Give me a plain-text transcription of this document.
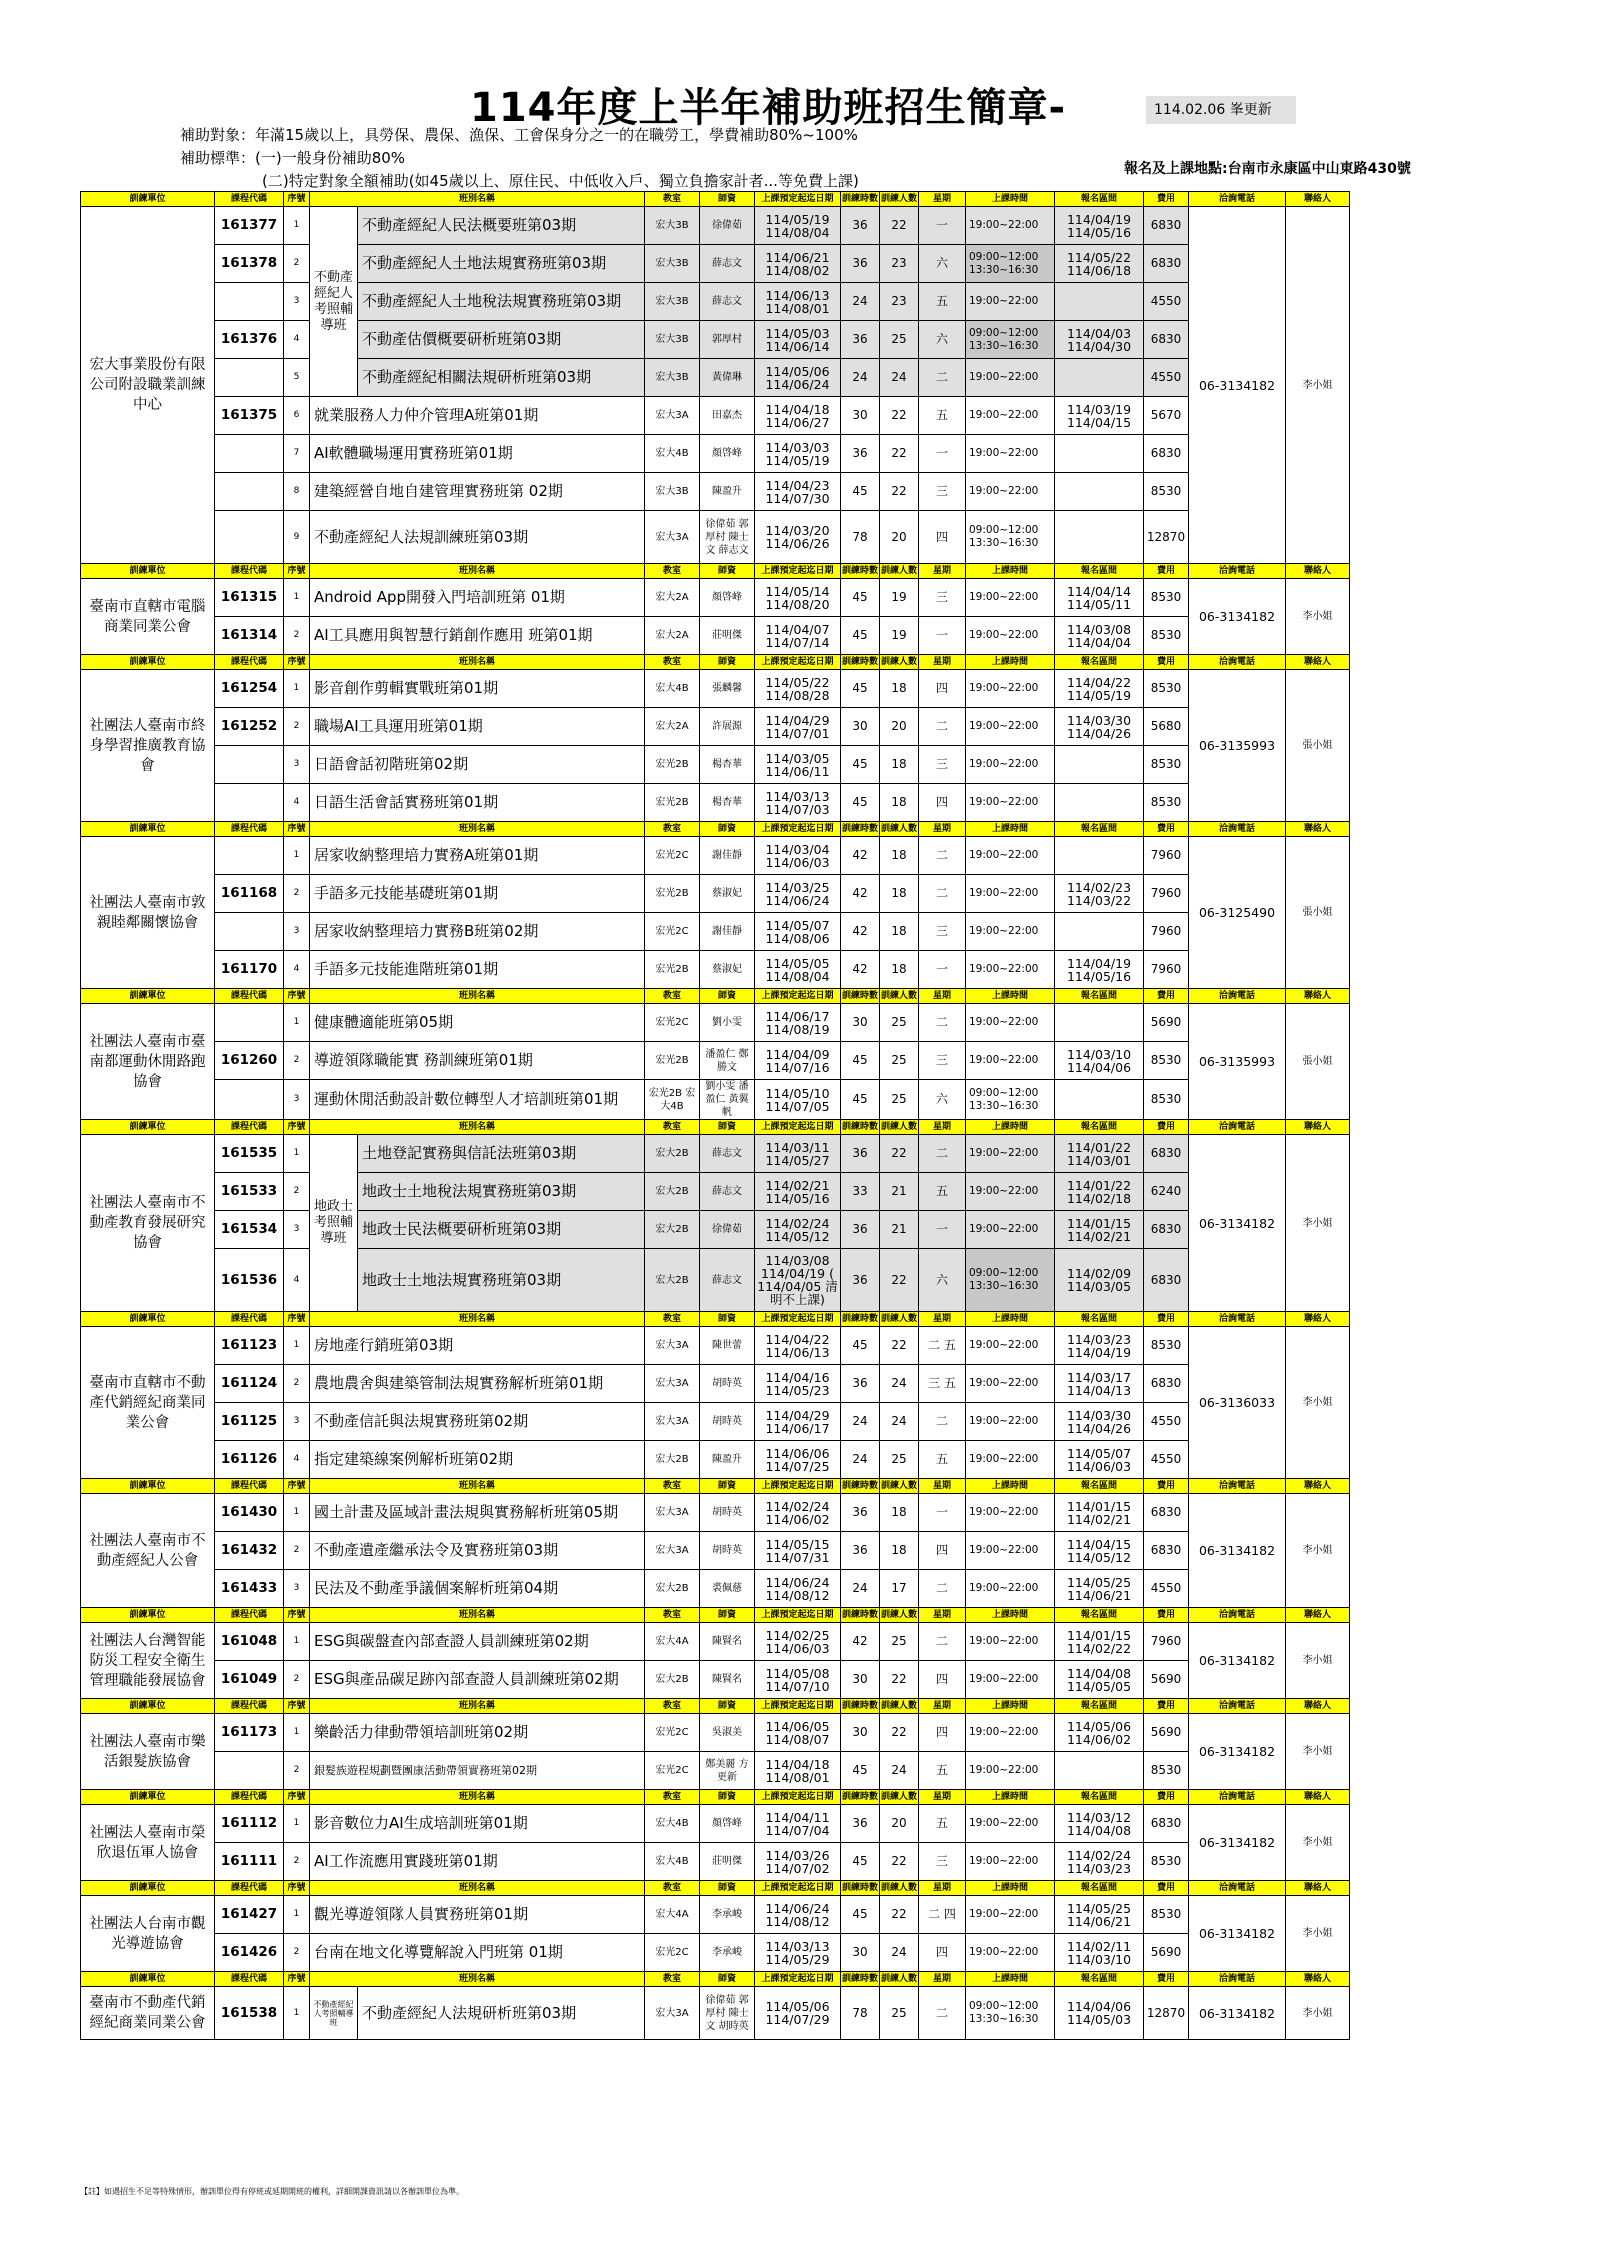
114年度上半年補助班招生簡章-	114.02.06 峯更新
補助對象：年滿15歲以上，具勞保、農保、漁保、工會保身分之一的在職勞工，學費補助80%~100%
補助標準：(一)一般身份補助80%
(二)特定對象全額補助(如45歲以上、原住民、中低收入戶、獨立負擔家計者...等免費上課)
報名及上課地點:台南市永康區中山東路430號
訓練單位	課程代碼	序號	班別名稱		教室	師資	上課預定起迄日期	訓練時數	訓練人數	星期	上課時間	報名區間	費用	洽詢電話	聯絡人
宏大事業股份有限公司附設職業訓練中心	161377	1	不動產經紀人考照輔導班	不動產經紀人民法概要班第03期	宏大3B	徐偉茹	114/05/19 114/08/04	36	22	一	19:00~22:00	114/04/19 114/05/16	6830	06-3134182	李小姐
	161378	2		不動產經紀人土地法規實務班第03期	宏大3B	薛志文	114/06/21 114/08/02	36	23	六	09:00~12:00 13:30~16:30	114/05/22 114/06/18	6830		
		3		不動產經紀人土地稅法規實務班第03期	宏大3B	薛志文	114/06/13 114/08/01	24	23	五	19:00~22:00		4550		
	161376	4		不動產估價概要研析班第03期	宏大3B	郭厚村	114/05/03 114/06/14	36	25	六	09:00~12:00 13:30~16:30	114/04/03 114/04/30	6830		
		5		不動產經紀相關法規研析班第03期	宏大3B	黃偉琳	114/05/06 114/06/24	24	24	二	19:00~22:00		4550		
	161375	6	就業服務人力仲介管理A班第01期		宏大3A	田嘉杰	114/04/18 114/06/27	30	22	五	19:00~22:00	114/03/19 114/04/15	5670		
		7	AI軟體職場運用實務班第01期		宏大4B	顏啓峰	114/03/03 114/05/19	36	22	一	19:00~22:00		6830		
		8	建築經營自地自建管理實務班第 02期		宏大3B	陳盈升	114/04/23 114/07/30	45	22	三	19:00~22:00		8530		
		9	不動產經紀人法規訓練班第03期		宏大3A	徐偉茹 郭厚村 陳士文 薛志文	114/03/20 114/06/26	78	20	四	09:00~12:00 13:30~16:30		12870		
訓練單位	課程代碼	序號	班別名稱		教室	師資	上課預定起迄日期	訓練時數	訓練人數	星期	上課時間	報名區間	費用	洽詢電話	聯絡人
臺南市直轄市電腦商業同業公會	161315	1	Android App開發入門培訓班第 01期		宏大2A	顏啓峰	114/05/14 114/08/20	45	19	三	19:00~22:00	114/04/14 114/05/11	8530	06-3134182	李小姐
	161314	2	AI工具應用與智慧行銷創作應用 班第01期		宏大2A	莊明傑	114/04/07 114/07/14	45	19	一	19:00~22:00	114/03/08 114/04/04	8530		
訓練單位	課程代碼	序號	班別名稱		教室	師資	上課預定起迄日期	訓練時數	訓練人數	星期	上課時間	報名區間	費用	洽詢電話	聯絡人
社團法人臺南市終身學習推廣教育協會	161254	1	影音創作剪輯實戰班第01期		宏大4B	張麟馨	114/05/22 114/08/28	45	18	四	19:00~22:00	114/04/22 114/05/19	8530	06-3135993	張小姐
	161252	2	職場AI工具運用班第01期		宏大2A	許展源	114/04/29 114/07/01	30	20	二	19:00~22:00	114/03/30 114/04/26	5680		
		3	日語會話初階班第02期		宏光2B	楊杏華	114/03/05 114/06/11	45	18	三	19:00~22:00		8530		
		4	日語生活會話實務班第01期		宏光2B	楊杏華	114/03/13 114/07/03	45	18	四	19:00~22:00		8530		
訓練單位	課程代碼	序號	班別名稱		教室	師資	上課預定起迄日期	訓練時數	訓練人數	星期	上課時間	報名區間	費用	洽詢電話	聯絡人
社團法人臺南市敦親睦鄰關懷協會		1	居家收納整理培力實務A班第01期		宏光2C	謝佳靜	114/03/04 114/06/03	42	18	二	19:00~22:00		7960	06-3125490	張小姐
	161168	2	手語多元技能基礎班第01期		宏光2B	蔡淑妃	114/03/25 114/06/24	42	18	二	19:00~22:00	114/02/23 114/03/22	7960		
		3	居家收納整理培力實務B班第02期		宏光2C	謝佳靜	114/05/07 114/08/06	42	18	三	19:00~22:00		7960		
	161170	4	手語多元技能進階班第01期		宏光2B	蔡淑妃	114/05/05 114/08/04	42	18	一	19:00~22:00	114/04/19 114/05/16	7960		
訓練單位	課程代碼	序號	班別名稱		教室	師資	上課預定起迄日期	訓練時數	訓練人數	星期	上課時間	報名區間	費用	洽詢電話	聯絡人
社團法人臺南市臺南都運動休閒路跑協會		1	健康體適能班第05期		宏光2C	劉小雯	114/06/17 114/08/19	30	25	二	19:00~22:00		5690	06-3135993	張小姐
	161260	2	導遊領隊職能實 務訓練班第01期		宏光2B	潘盈仁 鄭勝文	114/04/09 114/07/16	45	25	三	19:00~22:00	114/03/10 114/04/06	8530		
		3	運動休閒活動設計數位轉型人才培訓班第01期		宏光2B 宏大4B	劉小雯 潘盈仁 黃翼帆	114/05/10 114/07/05	45	25	六	09:00~12:00 13:30~16:30		8530		
訓練單位	課程代碼	序號	班別名稱		教室	師資	上課預定起迄日期	訓練時數	訓練人數	星期	上課時間	報名區間	費用	洽詢電話	聯絡人
社團法人臺南市不動產教育發展研究協會	161535	1	地政士考照輔導班	土地登記實務與信託法班第03期	宏大2B	薛志文	114/03/11 114/05/27	36	22	二	19:00~22:00	114/01/22 114/03/01	6830	06-3134182	李小姐
	161533	2		地政士土地稅法規實務班第03期	宏大2B	薛志文	114/02/21 114/05/16	33	21	五	19:00~22:00	114/01/22 114/02/18	6240		
	161534	3		地政士民法概要研析班第03期	宏大2B	徐偉茹	114/02/24 114/05/12	36	21	一	19:00~22:00	114/01/15 114/02/21	6830		
	161536	4		地政士土地法規實務班第03期	宏大2B	薛志文	114/03/08 114/04/19 ( 114/04/05 清明不上課)	36	22	六	09:00~12:00 13:30~16:30	114/02/09 114/03/05	6830		
訓練單位	課程代碼	序號	班別名稱		教室	師資	上課預定起迄日期	訓練時數	訓練人數	星期	上課時間	報名區間	費用	洽詢電話	聯絡人
臺南市直轄市不動產代銷經紀商業同業公會	161123	1	房地產行銷班第03期		宏大3A	陳世蕾	114/04/22 114/06/13	45	22	二 五	19:00~22:00	114/03/23 114/04/19	8530	06-3136033	李小姐
	161124	2	農地農舍與建築管制法規實務解析班第01期		宏大3A	胡時英	114/04/16 114/05/23	36	24	三 五	19:00~22:00	114/03/17 114/04/13	6830		
	161125	3	不動產信託與法規實務班第02期		宏大3A	胡時英	114/04/29 114/06/17	24	24	二	19:00~22:00	114/03/30 114/04/26	4550		
	161126	4	指定建築線案例解析班第02期		宏大2B	陳盈升	114/06/06 114/07/25	24	25	五	19:00~22:00	114/05/07 114/06/03	4550		
訓練單位	課程代碼	序號	班別名稱		教室	師資	上課預定起迄日期	訓練時數	訓練人數	星期	上課時間	報名區間	費用	洽詢電話	聯絡人
社團法人臺南市不動產經紀人公會	161430	1	國土計畫及區域計畫法規與實務解析班第05期		宏大3A	胡時英	114/02/24 114/06/02	36	18	一	19:00~22:00	114/01/15 114/02/21	6830	06-3134182	李小姐
	161432	2	不動產遺產繼承法令及實務班第03期		宏大3A	胡時英	114/05/15 114/07/31	36	18	四	19:00~22:00	114/04/15 114/05/12	6830		
	161433	3	民法及不動產爭議個案解析班第04期		宏大2B	裘佩慈	114/06/24 114/08/12	24	17	二	19:00~22:00	114/05/25 114/06/21	4550		
訓練單位	課程代碼	序號	班別名稱		教室	師資	上課預定起迄日期	訓練時數	訓練人數	星期	上課時間	報名區間	費用	洽詢電話	聯絡人
社團法人台灣智能防災工程安全衛生管理職能發展協會	161048	1	ESG與碳盤查內部查證人員訓練班第02期		宏大4A	陳賢名	114/02/25 114/06/03	42	25	二	19:00~22:00	114/01/15 114/02/22	7960	06-3134182	李小姐
	161049	2	ESG與產品碳足跡內部查證人員訓練班第02期		宏大2B	陳賢名	114/05/08 114/07/10	30	22	四	19:00~22:00	114/04/08 114/05/05	5690		
訓練單位	課程代碼	序號	班別名稱		教室	師資	上課預定起迄日期	訓練時數	訓練人數	星期	上課時間	報名區間	費用	洽詢電話	聯絡人
社團法人臺南市樂活銀髮族協會	161173	1	樂齡活力律動帶領培訓班第02期		宏光2C	吳淑美	114/06/05 114/08/07	30	22	四	19:00~22:00	114/05/06 114/06/02	5690	06-3134182	李小姐
		2	銀髮族遊程規劃暨團康活動帶領實務班第02期		宏光2C	鄭美麗 方更新	114/04/18 114/08/01	45	24	五	19:00~22:00		8530		
訓練單位	課程代碼	序號	班別名稱		教室	師資	上課預定起迄日期	訓練時數	訓練人數	星期	上課時間	報名區間	費用	洽詢電話	聯絡人
社團法人臺南市榮欣退伍軍人協會	161112	1	影音數位力AI生成培訓班第01期		宏大4B	顏啓峰	114/04/11 114/07/04	36	20	五	19:00~22:00	114/03/12 114/04/08	6830	06-3134182	李小姐
	161111	2	AI工作流應用實踐班第01期		宏大4B	莊明傑	114/03/26 114/07/02	45	22	三	19:00~22:00	114/02/24 114/03/23	8530		
訓練單位	課程代碼	序號	班別名稱		教室	師資	上課預定起迄日期	訓練時數	訓練人數	星期	上課時間	報名區間	費用	洽詢電話	聯絡人
社團法人台南市觀光導遊協會	161427	1	觀光導遊領隊人員實務班第01期		宏大4A	李承峻	114/06/24 114/08/12	45	22	二 四	19:00~22:00	114/05/25 114/06/21	8530	06-3134182	李小姐
	161426	2	台南在地文化導覽解說入門班第 01期		宏光2C	李承峻	114/03/13 114/05/29	30	24	四	19:00~22:00	114/02/11 114/03/10	5690		
訓練單位	課程代碼	序號	班別名稱		教室	師資	上課預定起迄日期	訓練時數	訓練人數	星期	上課時間	報名區間	費用	洽詢電話	聯絡人
臺南市不動產代銷經紀商業同業公會	161538	1	不動產經紀人考照輔導班	不動產經紀人法規研析班第03期	宏大3A	徐偉茹 郭厚村 陳士文 胡時英	114/05/06 114/07/29	78	25	二	09:00~12:00 13:30~16:30	114/04/06 114/05/03	12870	06-3134182	李小姐
【註】如遇招生不足等特殊情形，辦訓單位得有停班或延期開班的權利，詳細開課資訊請以各辦訓單位為準。
